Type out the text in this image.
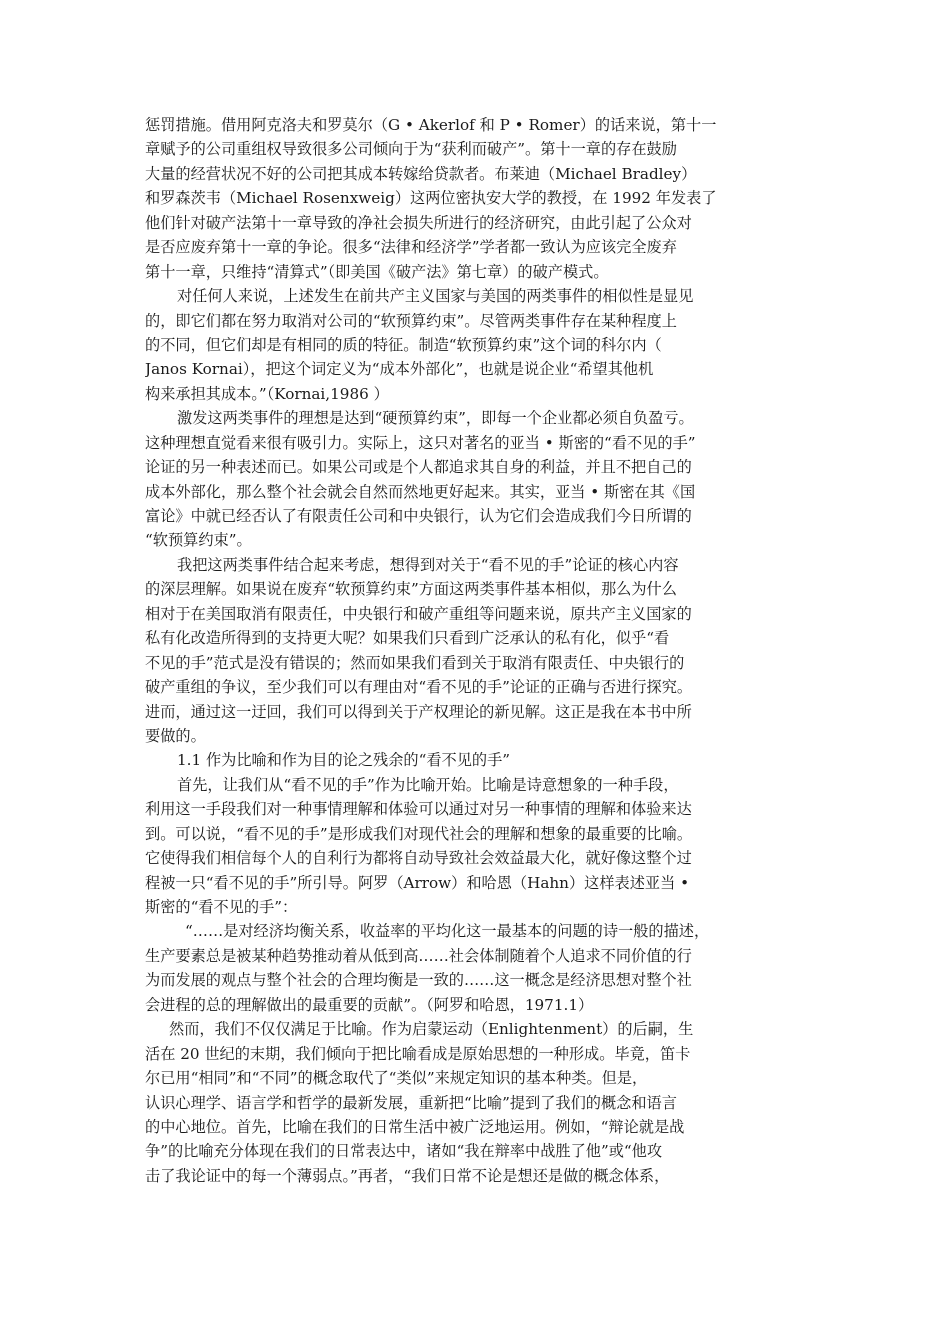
惩罚措施。借用阿克洛夫和罗莫尔（G • Akerlof 和 P • Romer）的话来说，第十一
章赋予的公司重组权导致很多公司倾向于为“获利而破产”。第十一章的存在鼓励
大量的经营状况不好的公司把其成本转嫁给贷款者。布莱迪（Michael Bradley）
和罗森茨韦（Michael Rosenxweig）这两位密执安大学的教授，在 1992 年发表了
他们针对破产法第十一章导致的净社会损失所进行的经济研究，由此引起了公众对
是否应废弃第十一章的争论。很多“法律和经济学”学者都一致认为应该完全废弃
第十一章，只维持“清算式”（即美国《破产法》第七章）的破产模式。
对任何人来说，上述发生在前共产主义国家与美国的两类事件的相似性是显见
的，即它们都在努力取消对公司的“软预算约束”。尽管两类事件存在某种程度上
的不同，但它们却是有相同的质的特征。制造“软预算约束”这个词的科尔内（
Janos Kornai），把这个词定义为“成本外部化”，也就是说企业“希望其他机
构来承担其成本。”（Kornai,1986 ）
激发这两类事件的理想是达到“硬预算约束”，即每一个企业都必须自负盈亏。
这种理想直觉看来很有吸引力。实际上，这只对著名的亚当 • 斯密的“看不见的手”
论证的另一种表述而已。如果公司或是个人都追求其自身的利益，并且不把自己的
成本外部化，那么整个社会就会自然而然地更好起来。其实，亚当 • 斯密在其《国
富论》中就已经否认了有限责任公司和中央银行，认为它们会造成我们今日所谓的
“软预算约束”。
我把这两类事件结合起来考虑，想得到对关于“看不见的手”论证的核心内容
的深层理解。如果说在废弃“软预算约束”方面这两类事件基本相似，那么为什么
相对于在美国取消有限责任，中央银行和破产重组等问题来说，原共产主义国家的
私有化改造所得到的支持更大呢？如果我们只看到广泛承认的私有化，似乎“看
不见的手”范式是没有错误的；然而如果我们看到关于取消有限责任、中央银行的
破产重组的争议，至少我们可以有理由对“看不见的手”论证的正确与否进行探究。
进而，通过这一迂回，我们可以得到关于产权理论的新见解。这正是我在本书中所
要做的。
1.1 作为比喻和作为目的论之残余的“看不见的手”
首先，让我们从“看不见的手”作为比喻开始。比喻是诗意想象的一种手段，
利用这一手段我们对一种事情理解和体验可以通过对另一种事情的理解和体验来达
到。可以说，“看不见的手”是形成我们对现代社会的理解和想象的最重要的比喻。
它使得我们相信每个人的自利行为都将自动导致社会效益最大化，就好像这整个过
程被一只“看不见的手”所引导。阿罗（Arrow）和哈恩（Hahn）这样表述亚当 •
斯密的“看不见的手”：
“……是对经济均衡关系，收益率的平均化这一最基本的问题的诗一般的描述，
生产要素总是被某种趋势推动着从低到高……社会体制随着个人追求不同价值的行
为而发展的观点与整个社会的合理均衡是一致的……这一概念是经济思想对整个社
会进程的总的理解做出的最重要的贡献”。（阿罗和哈恩，1971.1）
然而，我们不仅仅满足于比喻。作为启蒙运动（Enlightenment）的后嗣，生
活在 20 世纪的末期，我们倾向于把比喻看成是原始思想的一种形成。毕竟，笛卡
尔已用“相同”和“不同”的概念取代了“类似”来规定知识的基本种类。但是，
认识心理学、语言学和哲学的最新发展，重新把“比喻”提到了我们的概念和语言
的中心地位。首先，比喻在我们的日常生活中被广泛地运用。例如，“辩论就是战
争”的比喻充分体现在我们的日常表达中，诸如“我在辩率中战胜了他”或“他攻
击了我论证中的每一个薄弱点。”再者，“我们日常不论是想还是做的概念体系，
